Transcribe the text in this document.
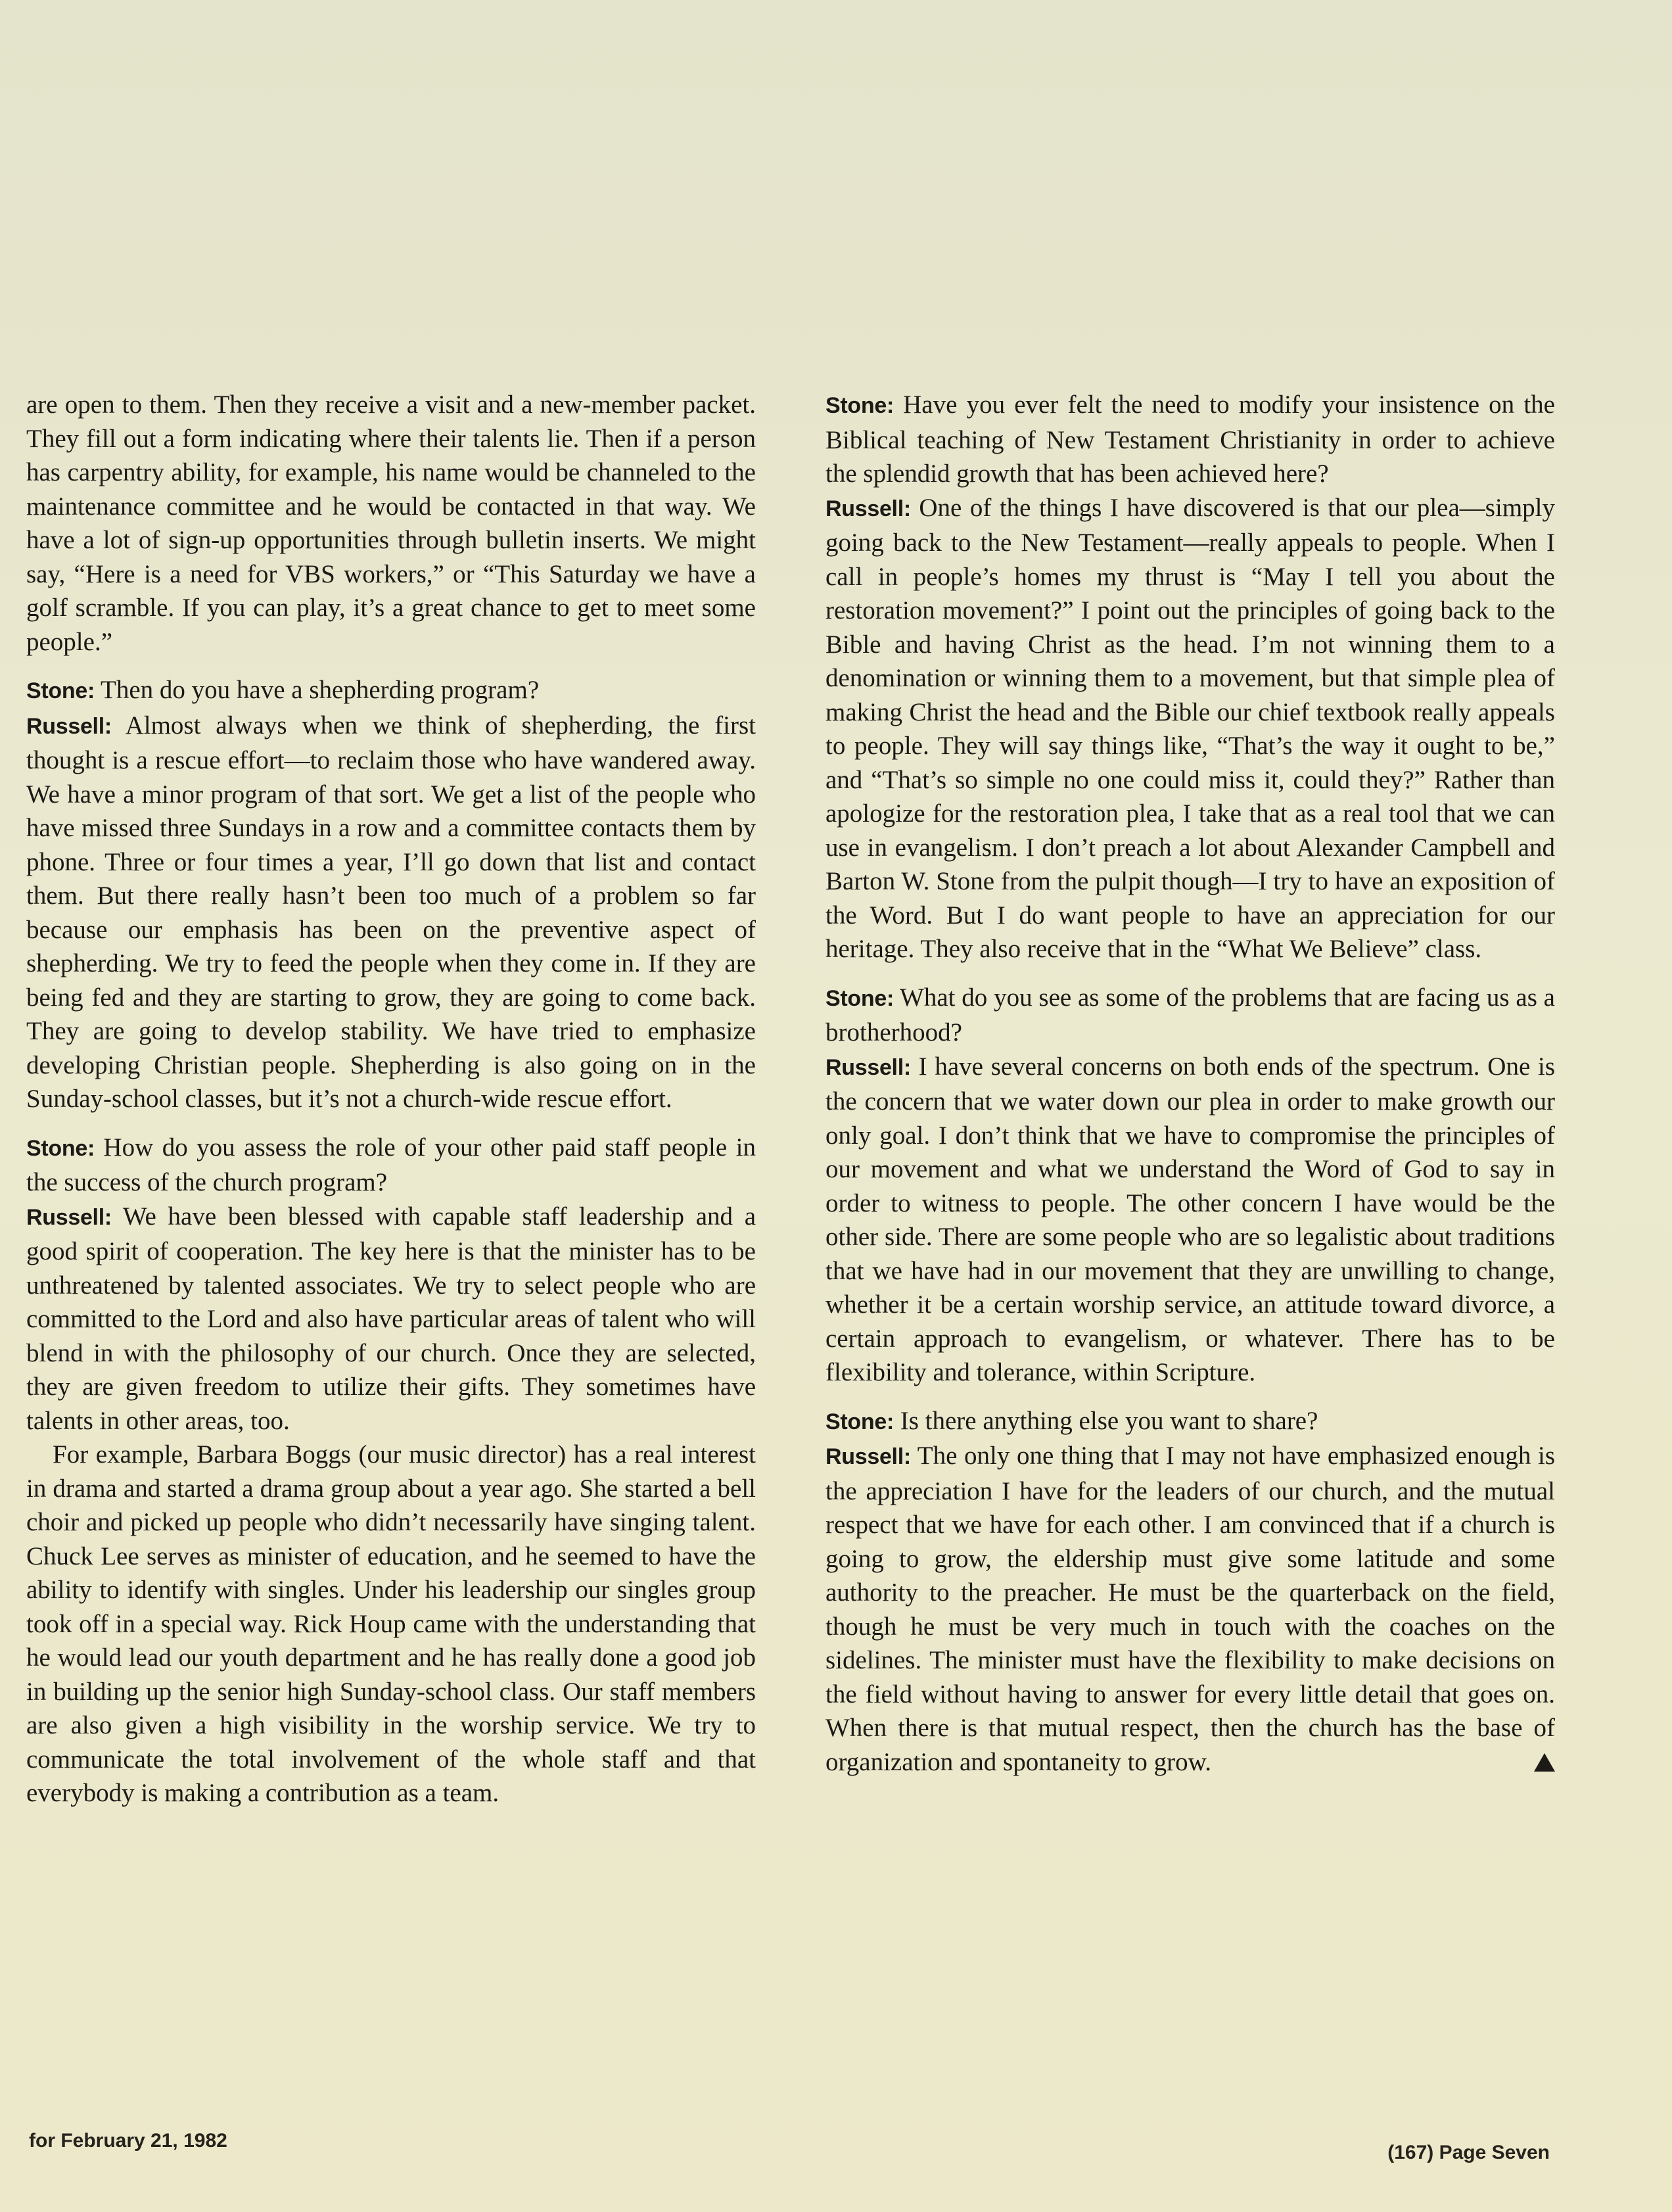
are open to them. Then they receive a visit and a new-member packet. They fill out a form indicating where their talents lie. Then if a person has carpentry ability, for example, his name would be channeled to the maintenance committee and he would be contacted in that way. We have a lot of sign-up opportunities through bulletin inserts. We might say, “Here is a need for VBS workers,” or “This Saturday we have a golf scramble. If you can play, it’s a great chance to get to meet some people.”

Stone: Then do you have a shepherding program?

Russell: Almost always when we think of shepherding, the first thought is a rescue effort—to reclaim those who have wandered away. We have a minor program of that sort. We get a list of the people who have missed three Sundays in a row and a committee contacts them by phone. Three or four times a year, I’ll go down that list and contact them. But there really hasn’t been too much of a problem so far because our emphasis has been on the preventive aspect of shepherding. We try to feed the people when they come in. If they are being fed and they are starting to grow, they are going to come back. They are going to develop stability. We have tried to emphasize developing Christian people. Shepherding is also going on in the Sunday-school classes, but it’s not a church-wide rescue effort.

Stone: How do you assess the role of your other paid staff people in the success of the church program?

Russell: We have been blessed with capable staff leadership and a good spirit of cooperation. The key here is that the minister has to be unthreatened by talented associates. We try to select people who are committed to the Lord and also have particular areas of talent who will blend in with the philosophy of our church. Once they are selected, they are given freedom to utilize their gifts. They sometimes have talents in other areas, too.

For example, Barbara Boggs (our music director) has a real interest in drama and started a drama group about a year ago. She started a bell choir and picked up people who didn’t necessarily have singing talent. Chuck Lee serves as minister of education, and he seemed to have the ability to identify with singles. Under his leadership our singles group took off in a special way. Rick Houp came with the understanding that he would lead our youth department and he has really done a good job in building up the senior high Sunday-school class. Our staff members are also given a high visibility in the worship service. We try to communicate the total involvement of the whole staff and that everybody is making a contribution as a team.

Stone: Have you ever felt the need to modify your insistence on the Biblical teaching of New Testament Christianity in order to achieve the splendid growth that has been achieved here?

Russell: One of the things I have discovered is that our plea—simply going back to the New Testament—really appeals to people. When I call in people’s homes my thrust is “May I tell you about the restoration movement?” I point out the principles of going back to the Bible and having Christ as the head. I’m not winning them to a denomination or winning them to a movement, but that simple plea of making Christ the head and the Bible our chief textbook really appeals to people. They will say things like, “That’s the way it ought to be,” and “That’s so simple no one could miss it, could they?” Rather than apologize for the restoration plea, I take that as a real tool that we can use in evangelism. I don’t preach a lot about Alexander Campbell and Barton W. Stone from the pulpit though—I try to have an exposition of the Word. But I do want people to have an appreciation for our heritage. They also receive that in the “What We Believe” class.

Stone: What do you see as some of the problems that are facing us as a brotherhood?

Russell: I have several concerns on both ends of the spectrum. One is the concern that we water down our plea in order to make growth our only goal. I don’t think that we have to compromise the principles of our movement and what we understand the Word of God to say in order to witness to people. The other concern I have would be the other side. There are some people who are so legalistic about traditions that we have had in our movement that they are unwilling to change, whether it be a certain worship service, an attitude toward divorce, a certain approach to evangelism, or whatever. There has to be flexibility and tolerance, within Scripture.

Stone: Is there anything else you want to share?

Russell: The only one thing that I may not have emphasized enough is the appreciation I have for the leaders of our church, and the mutual respect that we have for each other. I am convinced that if a church is going to grow, the eldership must give some latitude and some authority to the preacher. He must be the quarterback on the field, though he must be very much in touch with the coaches on the sidelines. The minister must have the flexibility to make decisions on the field without having to answer for every little detail that goes on. When there is that mutual respect, then the church has the base of organization and spontaneity to grow.

for February 21, 1982
(167) Page Seven
